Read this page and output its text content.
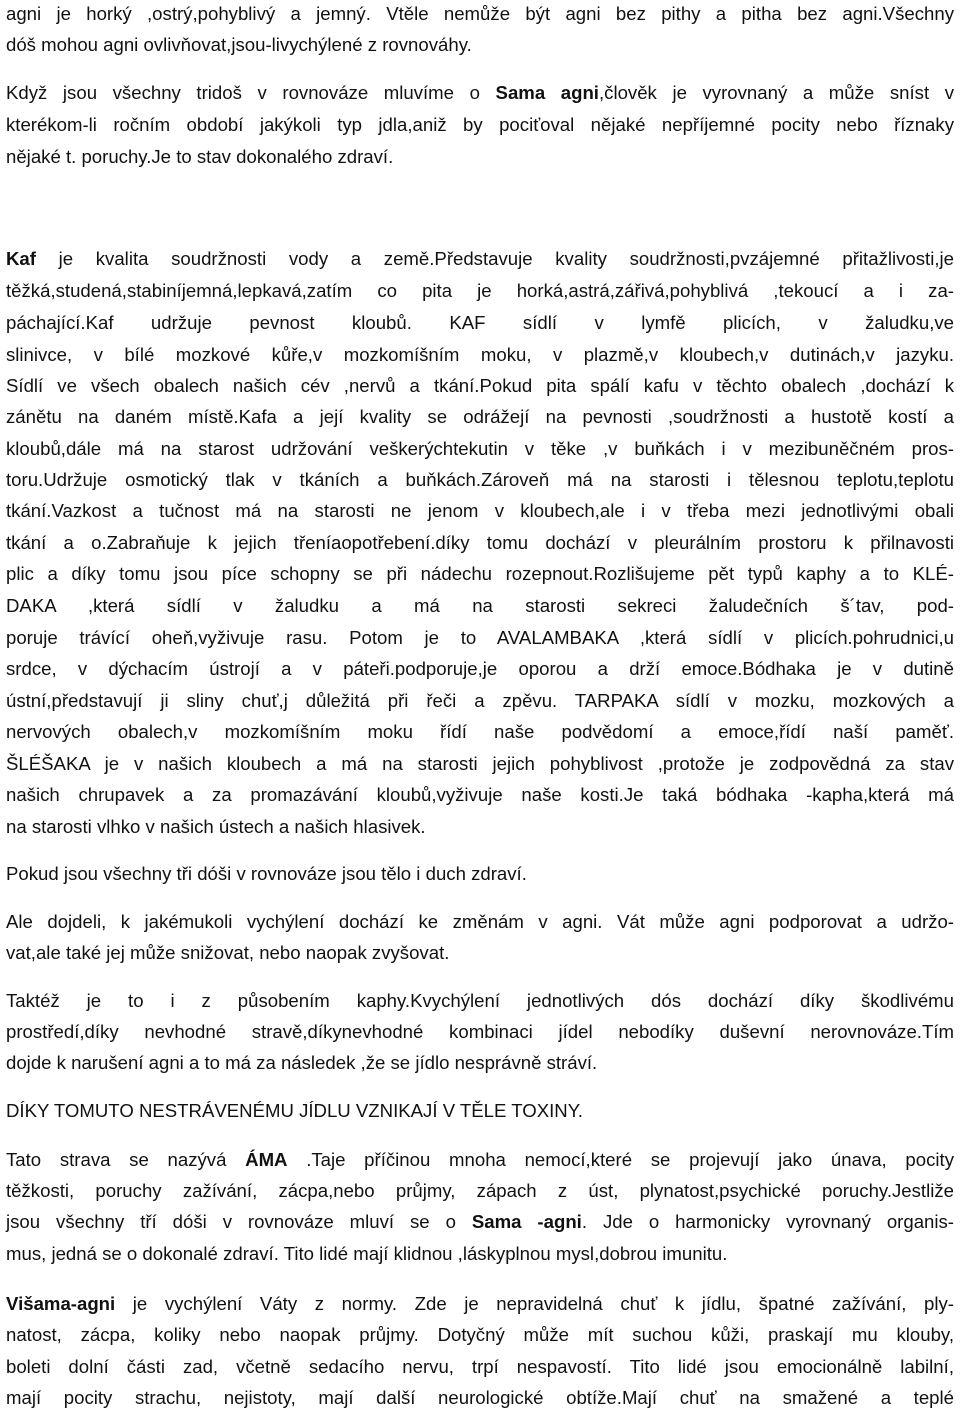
agni je horký ,ostrý,pohyblivý a jemný. Vtěle nemůže být agni bez pithy a pitha bez agni.Všechny
dóš mohou agni ovlivňovat,jsou-livychýlené z rovnováhy.
Když jsou všechny tridoš v rovnováze mluvíme o Sama agni,člověk je vyrovnaný a může sníst v
kterékom-li ročním období jakýkoli typ jdla,aniž by pociťoval nějaké nepříjemné pocity nebo říznaky
nějaké t. poruchy.Je to stav dokonalého zdraví.
Kaf je kvalita soudržnosti vody a země.Představuje kvality soudržnosti,pvzájemné přitažlivosti,je
těžká,studená,stabiníjemná,lepkavá,zatím co pita je horká,astrá,zářivá,pohyblivá ,tekoucí a i za-
páchající.Kaf udržuje pevnost kloubů. KAF sídlí v lymfě plicích, v žaludku,ve
slinivce, v bílé mozkové kůře,v mozkomíšním moku, v plazmě,v kloubech,v dutinách,v jazyku.
Sídlí ve všech obalech našich cév ,nervů a tkání.Pokud pita spálí kafu v těchto obalech ,dochází k
zánětu na daném místě.Kafa a její kvality se odrážejí na pevnosti ,soudržnosti a hustotě kostí a
kloubů,dále má na starost udržování veškerýchtekutin v těke ,v buňkách i v mezibuněčném pros-
toru.Udržuje osmotický tlak v tkáních a buňkách.Zároveň má na starosti i tělesnou teplotu,teplotu
tkání.Vazkost a tučnost má na starosti ne jenom v kloubech,ale i v třeba mezi jednotlivými obali
tkání a o.Zabraňuje k jejich třeníaopotřebení.díky tomu dochází v pleurálním prostoru k přilnavosti
plic a díky tomu jsou píce schopny se při nádechu rozepnout.Rozlišujeme pět typů kaphy a to KLÉ-
DAKA ,která sídlí v žaludku a má na starosti sekreci žaludečních š´tav, pod-
poruje trávící oheň,vyživuje rasu. Potom je to AVALAMBAKA ,která sídlí v plicích.pohrudnici,u
srdce, v dýchacím ústrojí a v páteři.podporuje,je oporou a drží emoce.Bódhaka je v dutině
ústní,představují ji sliny chuť,j důležitá při řeči a zpěvu. TARPAKA sídlí v mozku, mozkových a
nervových obalech,v mozkomíšním moku řídí naše podvědomí a emoce,řídí naší paměť.
ŠLÉŠAKA je v našich kloubech a má na starosti jejich pohyblivost ,protože je zodpovědná za stav
našich chrupavek a za promazávání kloubů,vyživuje naše kosti.Je taká bódhaka -kapha,která má
na starosti vlhko v našich ústech a našich hlasivek.
Pokud jsou všechny tři dóši v rovnováze jsou tělo i duch zdraví.
Ale dojdeli, k jakémukoli vychýlení dochází ke změnám v agni. Vát může agni podporovat a udržo-
vat,ale také jej může snižovat, nebo naopak zvyšovat.
Taktéž je to i z působením kaphy.Kvychýlení jednotlivých dós dochází díky škodlivému
prostředí,díky nevhodné stravě,díkynevhodné kombinaci jídel nebodíky duševní nerovnováze.Tím
dojde k narušení agni a to má za následek ,že se jídlo nesprávně stráví.
DÍKY TOMUTO NESTRÁVENÉMU JÍDLU VZNIKAJÍ V TĚLE TOXINY.
Tato strava se nazývá ÁMA .Taje příčinou mnoha nemocí,které se projevují jako únava, pocity
těžkosti, poruchy zažívání, zácpa,nebo průjmy, zápach z úst, plynatost,psychické poruchy.Jestliže
jsou všechny tří dóši v rovnováze mluví se o Sama -agni. Jde o harmonicky vyrovnaný organis-
mus, jedná se o dokonalé zdraví. Tito lidé mají klidnou ,láskyplnou mysl,dobrou imunitu.
Višama-agni je vychýlení Váty z normy. Zde je nepravidelná chuť k jídlu, špatné zažívání, ply-
natost, zácpa, koliky nebo naopak průjmy. Dotyčný může mít suchou kůži, praskají mu klouby,
boleti dolní části zad, včetně sedacího nervu, trpí nespavostí. Tito lidé jsou emocionálně labilní,
mají pocity strachu, nejistoty, mají další neurologické obtíže.Mají chuť na smažené a teplé
